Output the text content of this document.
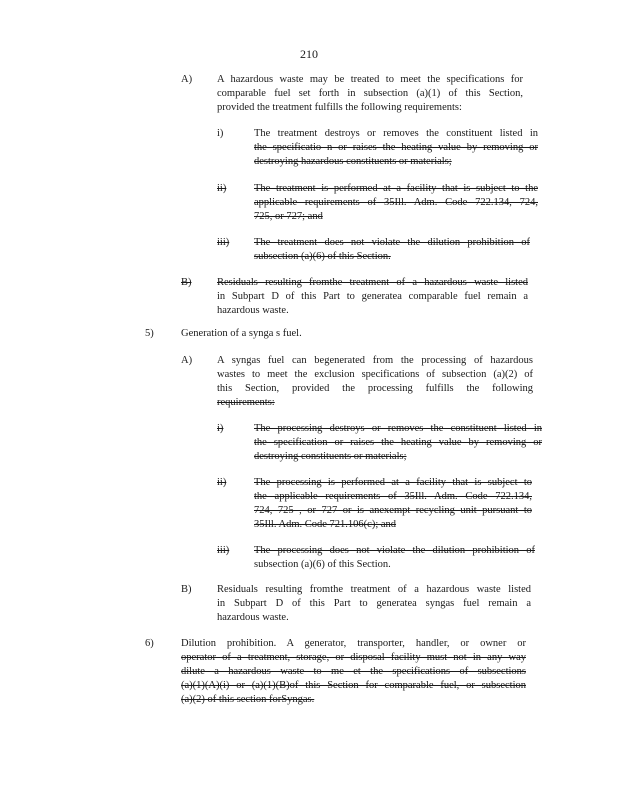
210
A) A hazardous waste may be treated to meet the specifications for
comparable fuel set forth in subsection (a)(1) of this Section,
provided the treatment fulfills the following requirements:
i)	The treatment destroys or removes the constituent listed in
the specificatio n or raises the heating value by removing or
destroying hazardous constituents or materials;
ii)	The treatment is performed at a facility that is subject to the
applicable requirements of 35Ill. Adm. Code 722.134, 724,
725, or 727; and
iii) The treatment does not violate the dilution prohibition of
subsection (a)(6) of this Section.
B) Residuals resulting fromthe treatment of a hazardous waste listed
in Subpart D of this Part to generatea comparable fuel remain a
hazardous waste.
5)	Generation of a synga s fuel.
A) A syngas fuel can begenerated from the processing of hazardous
wastes to meet the exclusion specifications of subsection (a)(2) of
this Section, provided the processing fulfills the following
requirements:
i)	The processing destroys or removes the constituent listed in
the specification or raises the heating value by removing or
destroying constituents or materials;
ii)	The processing is performed at a facility that is subject to
the applicable requirements of 35Ill. Adm. Code 722.134,
724, 725 , or 727 or is anexempt recycling unit pursuant to
35Ill. Adm. Code 721.106(c); and
iii) The processing does not violate the dilution prohibition of
subsection (a)(6) of this Section.
B) Residuals resulting fromthe treatment of a hazardous waste listed
in Subpart D of this Part to generatea syngas fuel remain a
hazardous waste.
6)	Dilution prohibition. A generator, transporter, handler, or owner or
operator of a treatment, storage, or disposal facility must not in any way
dilute a hazardous waste to me et the specifications of subsections
(a)(1)(A)(i) or (a)(1)(B)of this Section for comparable fuel, or subsection
(a)(2) of this section forSyngas.
